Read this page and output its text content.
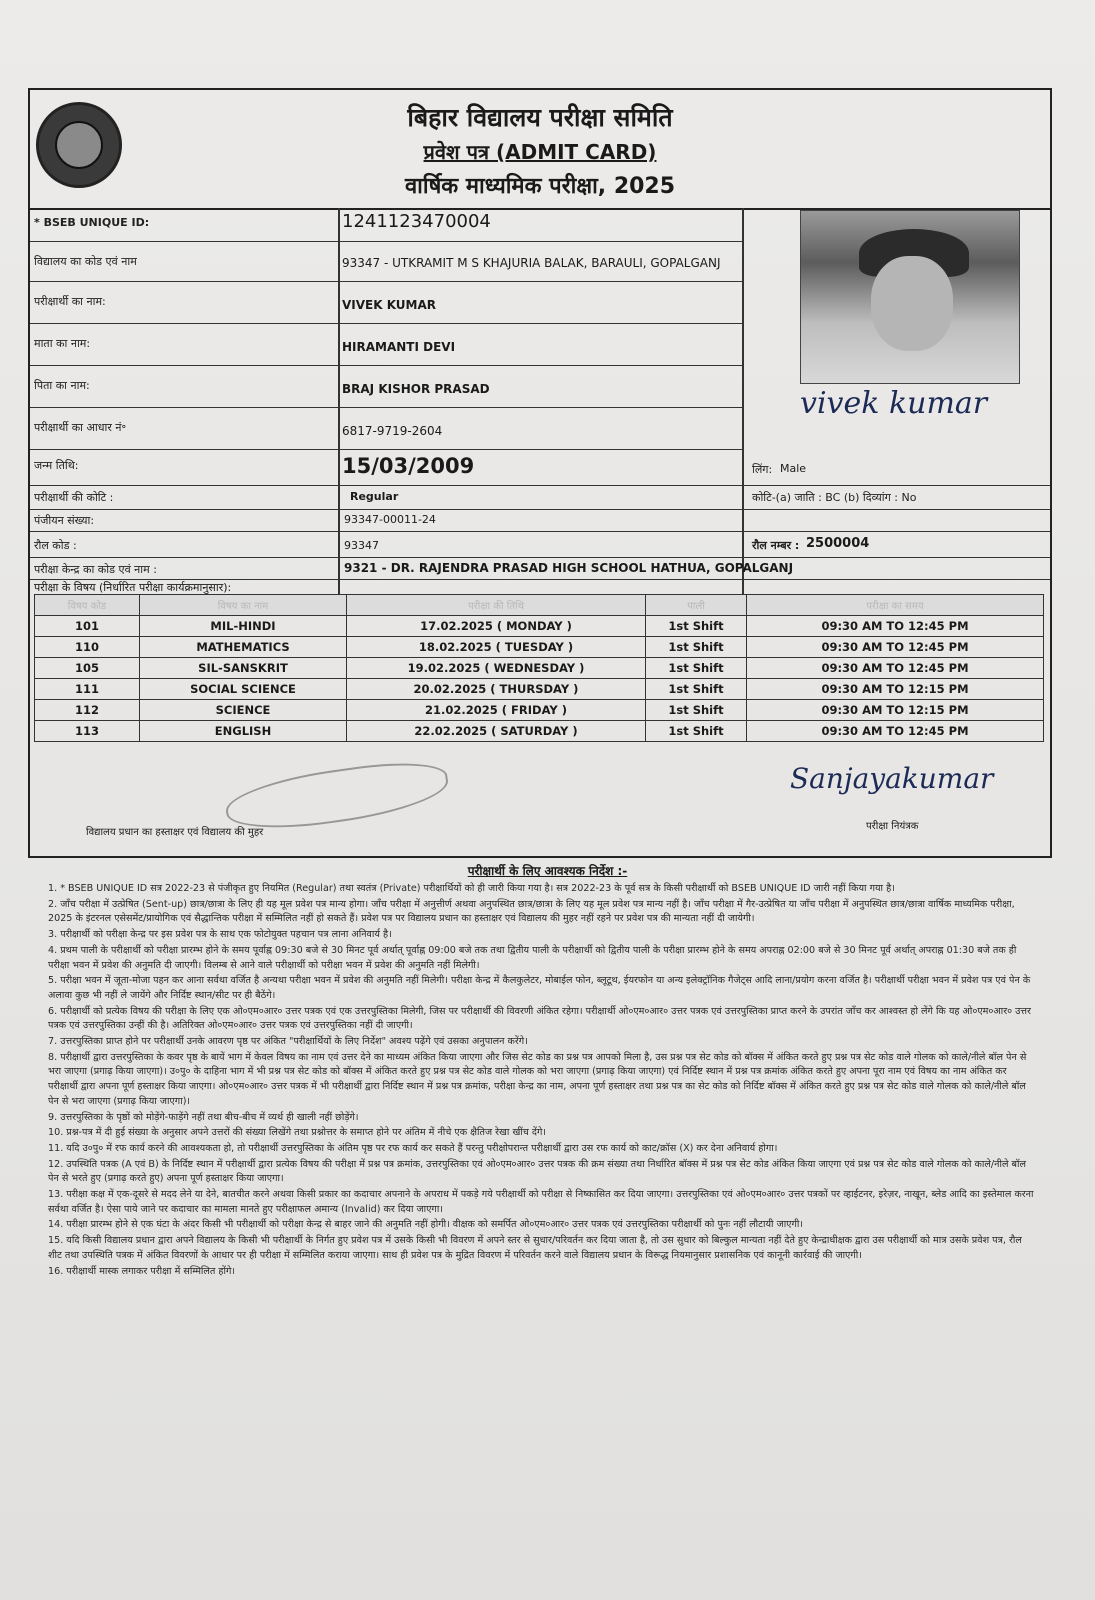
बिहार विद्यालय परीक्षा समिति
प्रवेश पत्र (ADMIT CARD)
वार्षिक माध्यमिक परीक्षा, 2025
* BSEB UNIQUE ID:	1241123470004
विद्यालय का कोड एवं नाम	93347 - UTKRAMIT M S KHAJURIA BALAK, BARAULI, GOPALGANJ
परीक्षार्थी का नाम:	VIVEK KUMAR
माता का नाम:	HIRAMANTI DEVI
पिता का नाम:	BRAJ KISHOR PRASAD
परीक्षार्थी का आधार नं॰	6817-9719-2604
जन्म तिथि:	15/03/2009	लिंग: Male
परीक्षार्थी की कोटि :	Regular	कोटि-(a) जाति : BC (b) दिव्यांग : No
पंजीयन संख्या:	93347-00011-24
रौल कोड :	93347	रौल नम्बर : 2500004
परीक्षा केन्द्र का कोड एवं नाम :	9321 - DR. RAJENDRA PRASAD HIGH SCHOOL HATHUA, GOPALGANJ
परीक्षा के विषय (निर्धारित परीक्षा कार्यक्रमानुसार):
vivek kumar
विषय कोड	विषय का नाम	परीक्षा की तिथि	पाली	परीक्षा का समय
101	MIL-HINDI	17.02.2025 ( MONDAY )	1st Shift	09:30 AM TO 12:45 PM
110	MATHEMATICS	18.02.2025 ( TUESDAY )	1st Shift	09:30 AM TO 12:45 PM
105	SIL-SANSKRIT	19.02.2025 ( WEDNESDAY )	1st Shift	09:30 AM TO 12:45 PM
111	SOCIAL SCIENCE	20.02.2025 ( THURSDAY )	1st Shift	09:30 AM TO 12:15 PM
112	SCIENCE	21.02.2025 ( FRIDAY )	1st Shift	09:30 AM TO 12:15 PM
113	ENGLISH	22.02.2025 ( SATURDAY )	1st Shift	09:30 AM TO 12:45 PM
विद्यालय प्रधान का हस्ताक्षर एवं विद्यालय की मुहर
Sanjayakumar
परीक्षा नियंत्रक
परीक्षार्थी के लिए आवश्यक निर्देश :-

1. * BSEB UNIQUE ID सत्र 2022-23 से पंजीकृत हुए नियमित (Regular) तथा स्वतंत्र (Private) परीक्षार्थियों को ही जारी किया गया है। सत्र 2022-23 के पूर्व सत्र के किसी परीक्षार्थी को BSEB UNIQUE ID जारी नहीं किया गया है।

2. जाँच परीक्षा में उत्प्रेषित (Sent-up) छात्र/छात्रा के लिए ही यह मूल प्रवेश पत्र मान्य होगा। जाँच परीक्षा में अनुत्तीर्ण अथवा अनुपस्थित छात्र/छात्रा के लिए यह मूल प्रवेश पत्र मान्य नहीं है। जाँच परीक्षा में गैर-उत्प्रेषित या जाँच परीक्षा में अनुपस्थित छात्र/छात्रा वार्षिक माध्यमिक परीक्षा, 2025 के इंटरनल एसेसमेंट/प्रायोगिक एवं सैद्धान्तिक परीक्षा में सम्मिलित नहीं हो सकते हैं। प्रवेश पत्र पर विद्यालय प्रधान का हस्ताक्षर एवं विद्यालय की मुहर नहीं रहने पर प्रवेश पत्र की मान्यता नहीं दी जायेगी।

3. परीक्षार्थी को परीक्षा केन्द्र पर इस प्रवेश पत्र के साथ एक फोटोयुक्त पहचान पत्र लाना अनिवार्य है।

4. प्रथम पाली के परीक्षार्थी को परीक्षा प्रारम्भ होने के समय पूर्वाह्न 09:30 बजे से 30 मिनट पूर्व अर्थात् पूर्वाह्न 09:00 बजे तक तथा द्वितीय पाली के परीक्षार्थी को द्वितीय पाली के परीक्षा प्रारम्भ होने के समय अपराह्न 02:00 बजे से 30 मिनट पूर्व अर्थात् अपराह्न 01:30 बजे तक ही परीक्षा भवन में प्रवेश की अनुमति दी जाएगी। विलम्ब से आने वाले परीक्षार्थी को परीक्षा भवन में प्रवेश की अनुमति नहीं मिलेगी।

5. परीक्षा भवन में जूता-मोजा पहन कर आना सर्वथा वर्जित है अन्यथा परीक्षा भवन में प्रवेश की अनुमति नहीं मिलेगी। परीक्षा केन्द्र में कैलकुलेटर, मोबाईल फोन, ब्लूटूथ, ईयरफोन या अन्य इलेक्ट्रॉनिक गैजेट्स आदि लाना/प्रयोग करना वर्जित है। परीक्षार्थी परीक्षा भवन में प्रवेश पत्र एवं पेन के अलावा कुछ भी नहीं ले जायेंगे और निर्दिष्ट स्थान/सीट पर ही बैठेंगे।

6. परीक्षार्थी को प्रत्येक विषय की परीक्षा के लिए एक ओ०एम०आर० उत्तर पत्रक एवं एक उत्तरपुस्तिका मिलेगी, जिस पर परीक्षार्थी की विवरणी अंकित रहेगा। परीक्षार्थी ओ०एम०आर० उत्तर पत्रक एवं उत्तरपुस्तिका प्राप्त करने के उपरांत जाँच कर आश्वस्त हो लेंगे कि यह ओ०एम०आर० उत्तर पत्रक एवं उत्तरपुस्तिका उन्हीं की है। अतिरिक्त ओ०एम०आर० उत्तर पत्रक एवं उत्तरपुस्तिका नहीं दी जाएगी।

7. उत्तरपुस्तिका प्राप्त होने पर परीक्षार्थी उनके आवरण पृष्ठ पर अंकित "परीक्षार्थियों के लिए निर्देश" अवश्य पढ़ेंगे एवं उसका अनुपालन करेंगे।

8. परीक्षार्थी द्वारा उत्तरपुस्तिका के कवर पृष्ठ के बायें भाग में केवल विषय का नाम एवं उत्तर देने का माध्यम अंकित किया जाएगा और जिस सेट कोड का प्रश्न पत्र आपको मिला है, उस प्रश्न पत्र सेट कोड को बॉक्स में अंकित करते हुए प्रश्न पत्र सेट कोड वाले गोलक को काले/नीले बॉल पेन से भरा जाएगा (प्रगाढ़ किया जाएगा)। उ०पु० के दाहिना भाग में भी प्रश्न पत्र सेट कोड को बॉक्स में अंकित करते हुए प्रश्न पत्र सेट कोड वाले गोलक को भरा जाएगा (प्रगाढ़ किया जाएगा) एवं निर्दिष्ट स्थान में प्रश्न पत्र क्रमांक अंकित करते हुए अपना पूरा नाम एवं विषय का नाम अंकित कर परीक्षार्थी द्वारा अपना पूर्ण हस्ताक्षर किया जाएगा। ओ०एम०आर० उत्तर पत्रक में भी परीक्षार्थी द्वारा निर्दिष्ट स्थान में प्रश्न पत्र क्रमांक, परीक्षा केन्द्र का नाम, अपना पूर्ण हस्ताक्षर तथा प्रश्न पत्र का सेट कोड को निर्दिष्ट बॉक्स में अंकित करते हुए प्रश्न पत्र सेट कोड वाले गोलक को काले/नीले बॉल पेन से भरा जाएगा (प्रगाढ़ किया जाएगा)।

9. उत्तरपुस्तिका के पृष्ठों को मोड़ेंगे-फाड़ेंगे नहीं तथा बीच-बीच में व्यर्थ ही खाली नहीं छोड़ेंगे।

10. प्रश्न-पत्र में दी हुई संख्या के अनुसार अपने उत्तरों की संख्या लिखेंगे तथा प्रश्नोत्तर के समाप्त होने पर अंतिम में नीचे एक क्षैतिज रेखा खींच देंगे।

11. यदि उ०पु० में रफ कार्य करने की आवश्यकता हो, तो परीक्षार्थी उत्तरपुस्तिका के अंतिम पृष्ठ पर रफ कार्य कर सकते हैं परन्तु परीक्षोपरान्त परीक्षार्थी द्वारा उस रफ कार्य को काट/क्रॉस (X) कर देना अनिवार्य होगा।

12. उपस्थिति पत्रक (A एवं B) के निर्दिष्ट स्थान में परीक्षार्थी द्वारा प्रत्येक विषय की परीक्षा में प्रश्न पत्र क्रमांक, उत्तरपुस्तिका एवं ओ०एम०आर० उत्तर पत्रक की क्रम संख्या तथा निर्धारित बॉक्स में प्रश्न पत्र सेट कोड अंकित किया जाएगा एवं प्रश्न पत्र सेट कोड वाले गोलक को काले/नीले बॉल पेन से भरते हुए (प्रगाढ़ करते हुए) अपना पूर्ण हस्ताक्षर किया जाएगा।

13. परीक्षा कक्ष में एक-दूसरे से मदद लेने या देने, बातचीत करने अथवा किसी प्रकार का कदाचार अपनाने के अपराध में पकड़े गये परीक्षार्थी को परीक्षा से निष्कासित कर दिया जाएगा। उत्तरपुस्तिका एवं ओ०एम०आर० उत्तर पत्रकों पर व्हाईटनर, इरेज़र, नाखून, ब्लेड आदि का इस्तेमाल करना सर्वथा वर्जित है। ऐसा पाये जाने पर कदाचार का मामला मानते हुए परीक्षाफल अमान्य (Invalid) कर दिया जाएगा।

14. परीक्षा प्रारम्भ होने से एक घंटा के अंदर किसी भी परीक्षार्थी को परीक्षा केन्द्र से बाहर जाने की अनुमति नहीं होगी। वीक्षक को समर्पित ओ०एम०आर० उत्तर पत्रक एवं उत्तरपुस्तिका परीक्षार्थी को पुनः नहीं लौटायी जाएगी।

15. यदि किसी विद्यालय प्रधान द्वारा अपने विद्यालय के किसी भी परीक्षार्थी के निर्गत हुए प्रवेश पत्र में उसके किसी भी विवरण में अपने स्तर से सुधार/परिवर्तन कर दिया जाता है, तो उस सुधार को बिल्कुल मान्यता नहीं देते हुए केन्द्राधीक्षक द्वारा उस परीक्षार्थी को मात्र उसके प्रवेश पत्र, रौल शीट तथा उपस्थिति पत्रक में अंकित विवरणों के आधार पर ही परीक्षा में सम्मिलित कराया जाएगा। साथ ही प्रवेश पत्र के मुद्रित विवरण में परिवर्तन करने वाले विद्यालय प्रधान के विरूद्ध नियमानुसार प्रशासनिक एवं कानूनी कार्रवाई की जाएगी।

16. परीक्षार्थी मास्क लगाकर परीक्षा में सम्मिलित होंगे।
